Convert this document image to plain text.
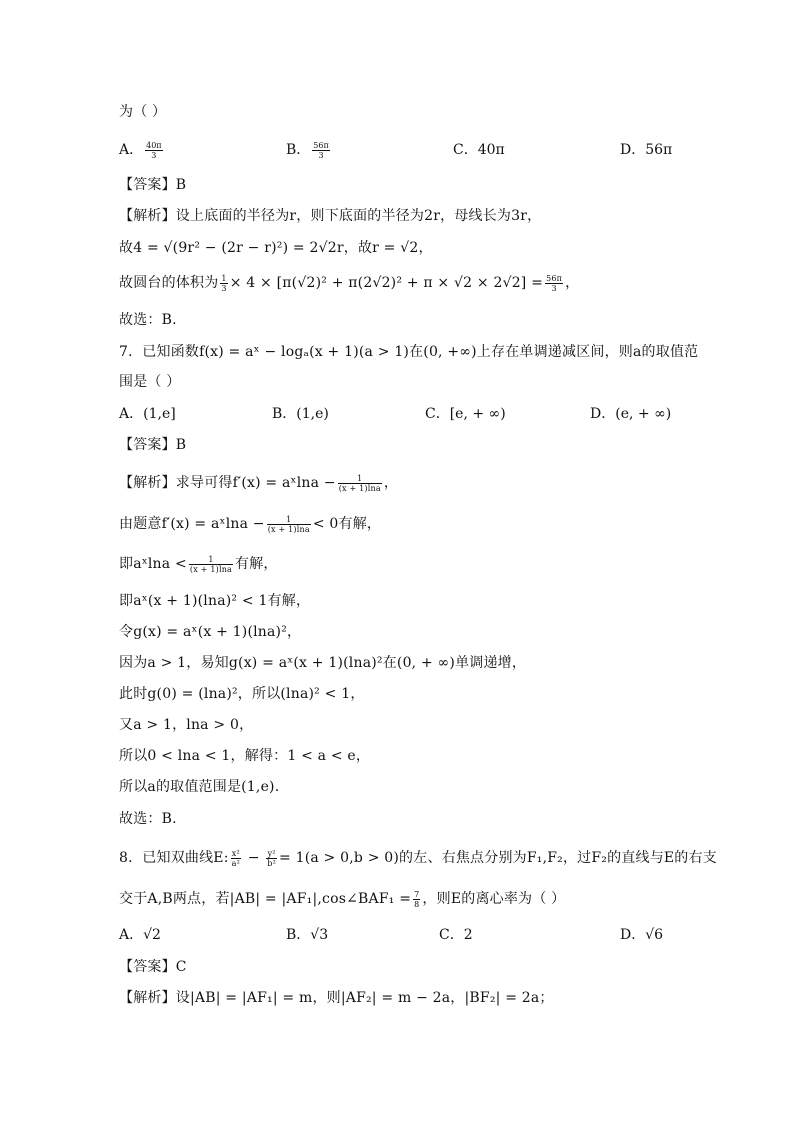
为（ ）
A． $\frac{40\pi}{3}$	B． $\frac{56\pi}{3}$	C．40π	D．56π
【答案】B
【解析】设上底面的半径为r，则下底面的半径为2r，母线长为3r，
故4 = √(9r² − (2r − r)²) = 2√2r，故r = √2，
故圆台的体积为 $\frac{1}{3} \times 4 \times [\pi(√2)^2 + \pi(2√2)^2 + \pi \times √2 \times 2√2] = \frac{56\pi}{3}$ ，
故选：B.
7．已知函数f(x) = aˣ − logₐ(x + 1)(a > 1)在(0, +∞)上存在单调递减区间，则a的取值范
围是（ ）
A．(1,e]	B．(1,e)	C．[e, + ∞)	D．(e, + ∞)
【答案】B
【解析】求导可得f′(x) = aˣlna − $\frac{1}{(x + 1)\ln a}$ ，
由题意f′(x) = aˣlna − $\frac{1}{(x + 1)\ln a} < 0$有解，
即aˣlna < $\frac{1}{(x + 1)\ln a}$ 有解，
即aˣ(x + 1)(lna)² < 1有解，
令g(x) = aˣ(x + 1)(lna)²，
因为a > 1，易知g(x) = aˣ(x + 1)(lna)²在(0, + ∞)单调递增，
此时g(0) = (lna)²，所以(lna)² < 1，
又a > 1，lna > 0，
所以0 < lna < 1，解得：1 < a < e，
所以a的取值范围是(1,e).
故选：B.
8．已知双曲线E: $\frac{\text{x²}}{\text{a²}} - \frac{\text{y²}}{\text{b²}} = 1(a > 0,b > 0)$的左、右焦点分别为F₁,F₂，过F₂的直线与E的右支
交于A,B两点，若|AB| = |AF₁|,cos∠BAF₁ = $\frac{7}{8}$ ，则E的离心率为（ ）
A．√2	B．√3	C．2	D．√6
【答案】C
【解析】设|AB| = |AF₁| = m，则|AF₂| = m − 2a，|BF₂| = 2a；
